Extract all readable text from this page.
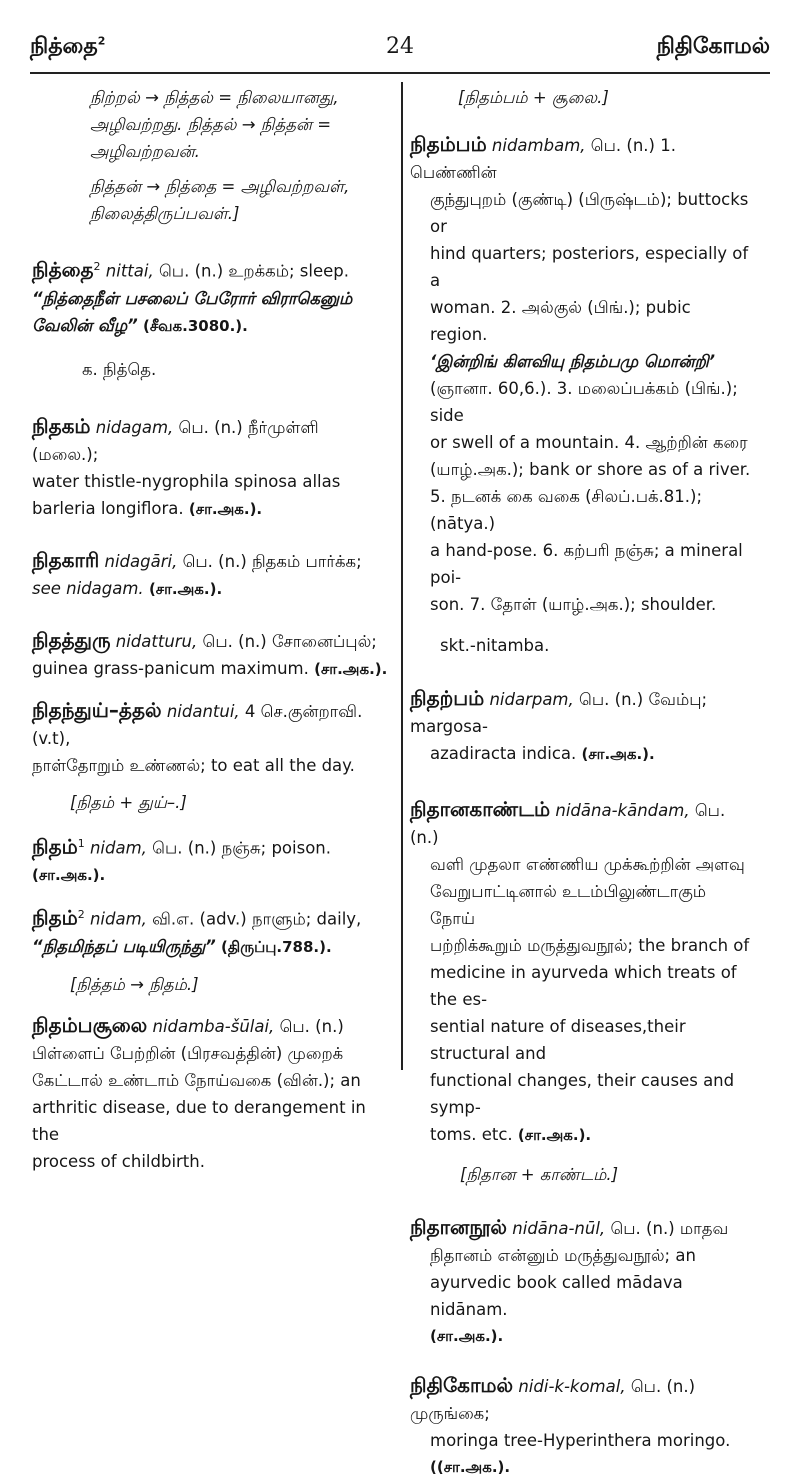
நித்தை$^2$	24	நிதிகோமல்
நிற்றல் → நித்தல் = நிலையானது,
அழிவற்றது. நித்தல் → நித்தன் =
அழிவற்றவன்.
நித்தன் → நித்தை = அழிவற்றவள்,
நிலைத்திருப்பவள்.]
நித்தை$^2$ nittai, பெ. (n.) உறக்கம்; sleep.
“நித்தைநீள் பசலைப் பேரோர் விராகெனும்
வேலின் வீழ” (சீவக.3080.).
க. நித்தெ.
நிதகம் nidagam, பெ. (n.) நீர்முள்ளி (மலை.);
water thistle-nygrophila spinosa allas
barleria longiflora. (சா.அக.).
நிதகாரி nidagāri, பெ. (n.) நிதகம் பார்க்க;
see nidagam. (சா.அக.).
நிதத்துரு nidatturu, பெ. (n.) சோனைப்புல்;
guinea grass-panicum maximum. (சா.அக.).
நிதந்துய்–த்தல் nidantui, 4 செ.குன்றாவி. (v.t),
நாள்தோறும் உண்ணல்; to eat all the day.
[நிதம் + துய்–.]
நிதம்$^1$ nidam, பெ. (n.) நஞ்சு; poison. (சா.அக.).
நிதம்$^2$ nidam, வி.எ. (adv.) நாளும்; daily,
“நிதமிந்தப் படியிருந்து” (திருப்பு.788.).
[நித்தம் → நிதம்.]
நிதம்பசூலை nidamba-šūlai, பெ. (n.)
பிள்ளைப் பேற்றின் (பிரசவத்தின்) முறைக்
கேட்டால் உண்டாம் நோய்வகை (வின்.); an
arthritic disease, due to derangement in the
process of childbirth.
[நிதம்பம் + சூலை.]
நிதம்பம் nidambam, பெ. (n.) 1. பெண்ணின்
குந்துபுறம் (குண்டி) (பிருஷ்டம்); buttocks or
hind quarters; posteriors, especially of a
woman. 2. அல்குல் (பிங்.); pubic region.
‘இன்றிங் கிளவியு நிதம்பமு மொன்றி’
(ஞானா. 60,6.). 3. மலைப்பக்கம் (பிங்.); side
or swell of a mountain. 4. ஆற்றின் கரை
(யாழ்.அக.); bank or shore as of a river.
5. நடனக் கை வகை (சிலப்.பக்.81.); (nātya.)
a hand-pose. 6. கற்பரி நஞ்சு; a mineral poi-
son. 7. தோள் (யாழ்.அக.); shoulder.
skt.-nitamba.
நிதற்பம் nidarpam, பெ. (n.) வேம்பு; margosa-
azadiracta indica. (சா.அக.).
நிதானகாண்டம் nidāna-kāndam, பெ. (n.)
வளி முதலா எண்ணிய முக்கூற்றின் அளவு
வேறுபாட்டினால் உடம்பிலுண்டாகும் நோய்
பற்றிக்கூறும் மருத்துவநூல்; the branch of
medicine in ayurveda which treats of the es-
sential nature of diseases,their structural and
functional changes, their causes and symp-
toms. etc. (சா.அக.).
[நிதான + காண்டம்.]
நிதானநூல் nidāna-nūl, பெ. (n.) மாதவ
நிதானம் என்னும் மருத்துவநூல்; an
ayurvedic book called mādava nidānam.
(சா.அக.).
நிதிகோமல் nidi-k-komal, பெ. (n.) முருங்கை;
moringa tree-Hyperinthera moringo.
((சா.அக.).
